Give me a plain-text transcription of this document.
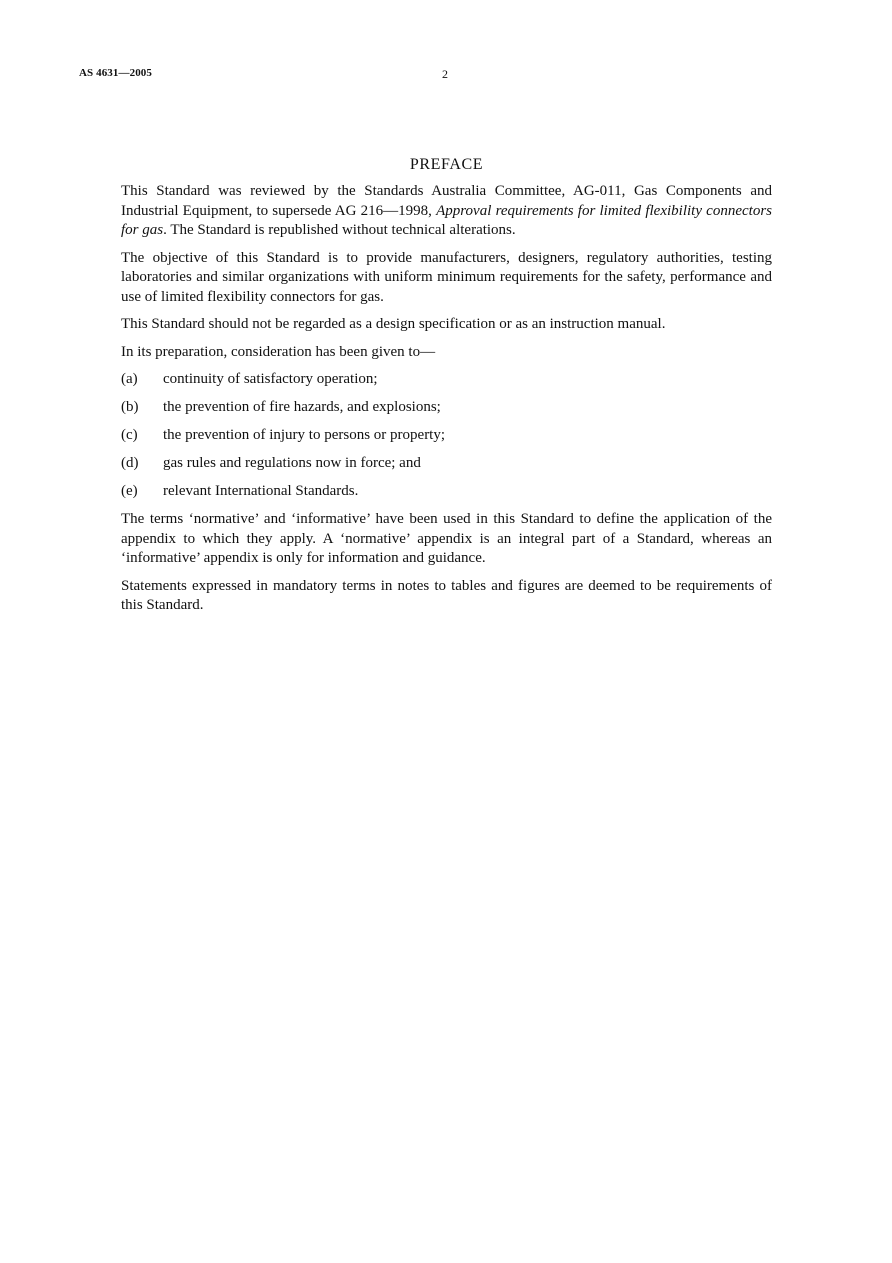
AS 4631—2005	2
PREFACE

This Standard was reviewed by the Standards Australia Committee, AG-011, Gas Components and Industrial Equipment, to supersede AG 216—1998, Approval requirements for limited flexibility connectors for gas. The Standard is republished without technical alterations.

The objective of this Standard is to provide manufacturers, designers, regulatory authorities, testing laboratories and similar organizations with uniform minimum requirements for the safety, performance and use of limited flexibility connectors for gas.

This Standard should not be regarded as a design specification or as an instruction manual.

In its preparation, consideration has been given to—

(a)	continuity of satisfactory operation;
(b)	the prevention of fire hazards, and explosions;
(c)	the prevention of injury to persons or property;
(d)	gas rules and regulations now in force; and
(e)	relevant International Standards.

The terms ‘normative’ and ‘informative’ have been used in this Standard to define the application of the appendix to which they apply. A ‘normative’ appendix is an integral part of a Standard, whereas an ‘informative’ appendix is only for information and guidance.

Statements expressed in mandatory terms in notes to tables and figures are deemed to be requirements of this Standard.
